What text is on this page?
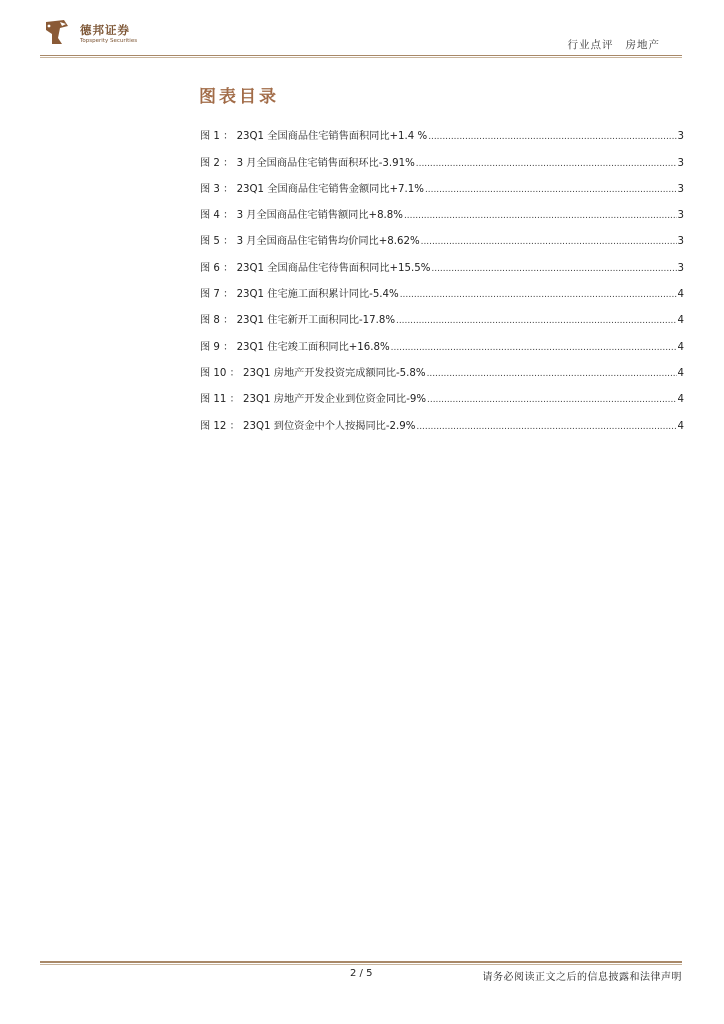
德邦证券
Topsperity Securities	行业点评 房地产
图表目录
图 1 ： 23Q1 全国商品住宅销售面积同比+1.4 % .....	3
图 2 ： 3 月全国商品住宅销售面积环比-3.91% .....	3
图 3 ： 23Q1 全国商品住宅销售金额同比+7.1% .....	3
图 4 ： 3 月全国商品住宅销售额同比+8.8% .....	3
图 5 ： 3 月全国商品住宅销售均价同比+8.62% .....	3
图 6 ： 23Q1 全国商品住宅待售面积同比+15.5% .....	3
图 7 ： 23Q1 住宅施工面积累计同比-5.4% .....	4
图 8 ： 23Q1 住宅新开工面积同比-17.8% .....	4
图 9 ： 23Q1 住宅竣工面积同比+16.8% .....	4
图 10 ： 23Q1 房地产开发投资完成额同比-5.8% .....	4
图 11 ： 23Q1 房地产开发企业到位资金同比-9% .....	4
图 12 ： 23Q1 到位资金中个人按揭同比-2.9% .....	4
2 / 5	请务必阅读正文之后的信息披露和法律声明
